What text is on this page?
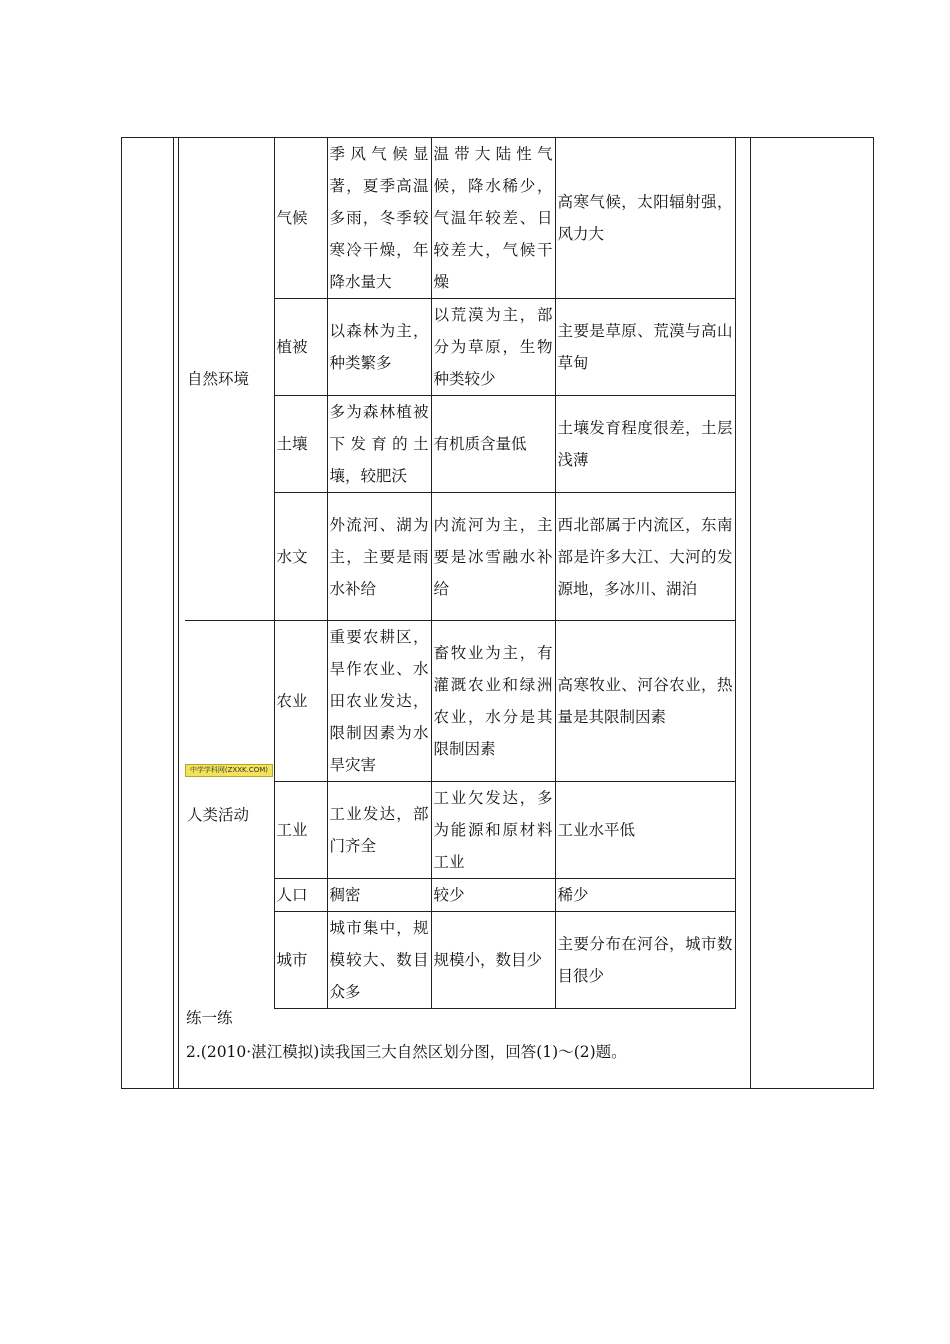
自然环境	气候	季风气候显著，夏季高温多雨，冬季较寒冷干燥，年降水量大	温带大陆性气候，降水稀少，气温年较差、日较差大，气候干燥	高寒气候，太阳辐射强，风力大
	植被	以森林为主，种类繁多	以荒漠为主，部分为草原，生物种类较少	主要是草原、荒漠与高山草甸
	土壤	多为森林植被下发育的土壤，较肥沃	有机质含量低	土壤发育程度很差，土层浅薄
	水文	外流河、湖为主，主要是雨水补给	内流河为主，主要是冰雪融水补给	西北部属于内流区，东南部是许多大江、大河的发源地，多冰川、湖泊
人类活动	农业	重要农耕区，旱作农业、水田农业发达，限制因素为水旱灾害	畜牧业为主，有灌溉农业和绿洲农业，水分是其限制因素	高寒牧业、河谷农业，热量是其限制因素
	工业	工业发达，部门齐全	工业欠发达，多为能源和原材料工业	工业水平低
	人口	稠密	较少	稀少
	城市	城市集中，规模较大、数目众多	规模小，数目少	主要分布在河谷，城市数目很少
中学学科网(ZXXK.COM)
练一练
2.(2010·湛江模拟)读我国三大自然区划分图，回答(1)～(2)题。
